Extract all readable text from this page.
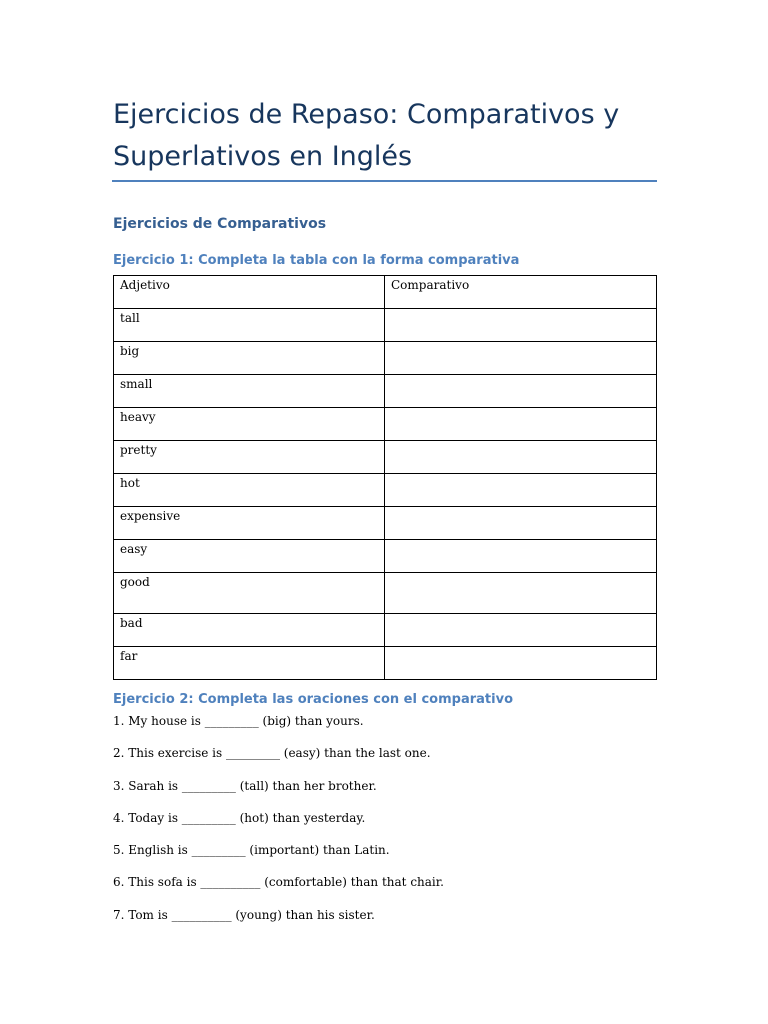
Ejercicios de Repaso: Comparativos y Superlativos en Inglés
Ejercicios de Comparativos
Ejercicio 1: Completa la tabla con la forma comparativa
Adjetivo	Comparativo
tall	
big	
small	
heavy	
pretty	
hot	
expensive	
easy	
good	
bad	
far	
Ejercicio 2: Completa las oraciones con el comparativo
1. My house is _________ (big) than yours.
2. This exercise is _________ (easy) than the last one.
3. Sarah is _________ (tall) than her brother.
4. Today is _________ (hot) than yesterday.
5. English is _________ (important) than Latin.
6. This sofa is __________ (comfortable) than that chair.
7. Tom is __________ (young) than his sister.
